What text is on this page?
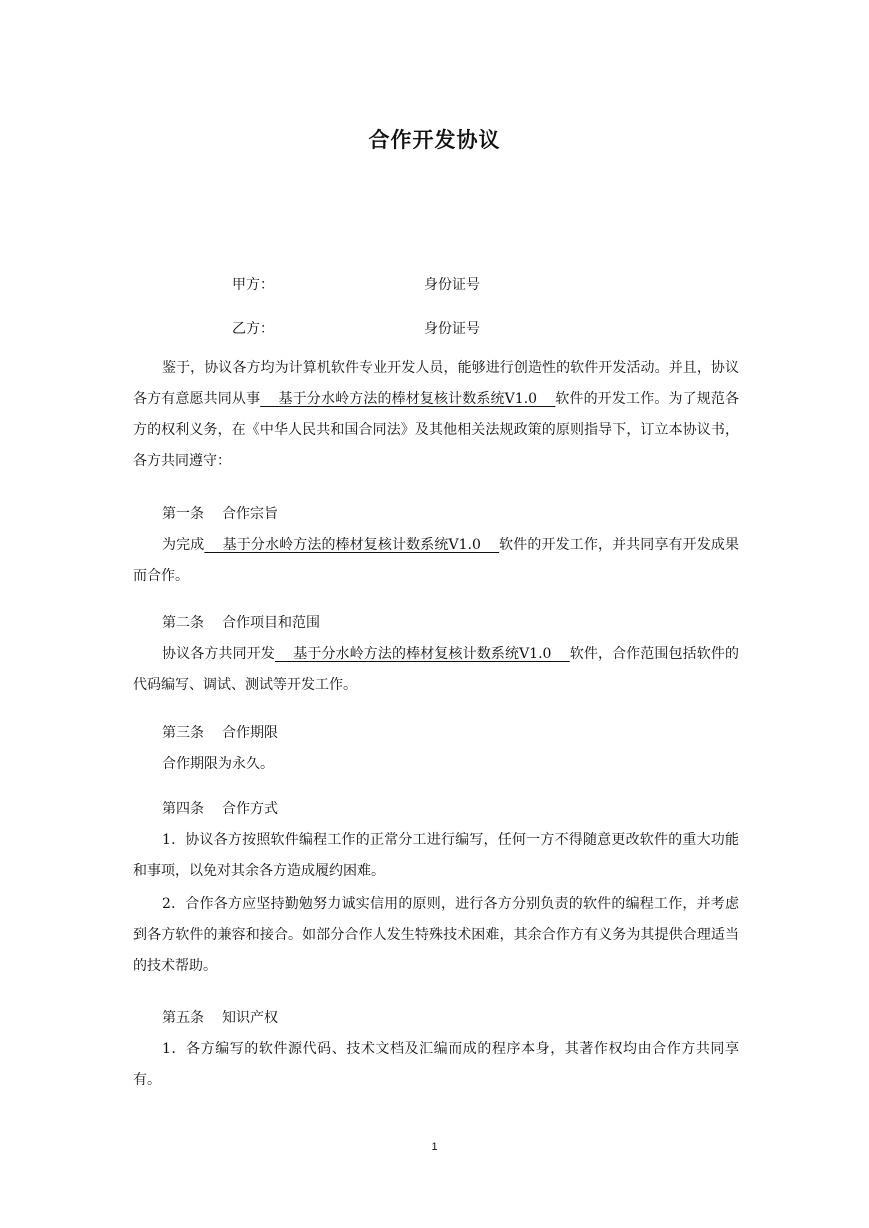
合作开发协议
甲方：	身份证号
乙方：	身份证号
鉴于，协议各方均为计算机软件专业开发人员，能够进行创造性的软件开发活动。并且，协议各方有意愿共同从事    基于分水岭方法的棒材复核计数系统V1.0    软件的开发工作。为了规范各方的权利义务，在《中华人民共和国合同法》及其他相关法规政策的原则指导下，订立本协议书，各方共同遵守：
第一条 合作宗旨
为完成    基于分水岭方法的棒材复核计数系统V1.0    软件的开发工作，并共同享有开发成果而合作。
第二条 合作项目和范围
协议各方共同开发    基于分水岭方法的棒材复核计数系统V1.0    软件，合作范围包括软件的代码编写、调试、测试等开发工作。
第三条 合作期限
合作期限为永久。
第四条 合作方式
1．协议各方按照软件编程工作的正常分工进行编写，任何一方不得随意更改软件的重大功能和事项，以免对其余各方造成履约困难。
2．合作各方应坚持勤勉努力诚实信用的原则，进行各方分别负责的软件的编程工作，并考虑到各方软件的兼容和接合。如部分合作人发生特殊技术困难，其余合作方有义务为其提供合理适当的技术帮助。
第五条 知识产权
1．各方编写的软件源代码、技术文档及汇编而成的程序本身，其著作权均由合作方共同享有。
1
